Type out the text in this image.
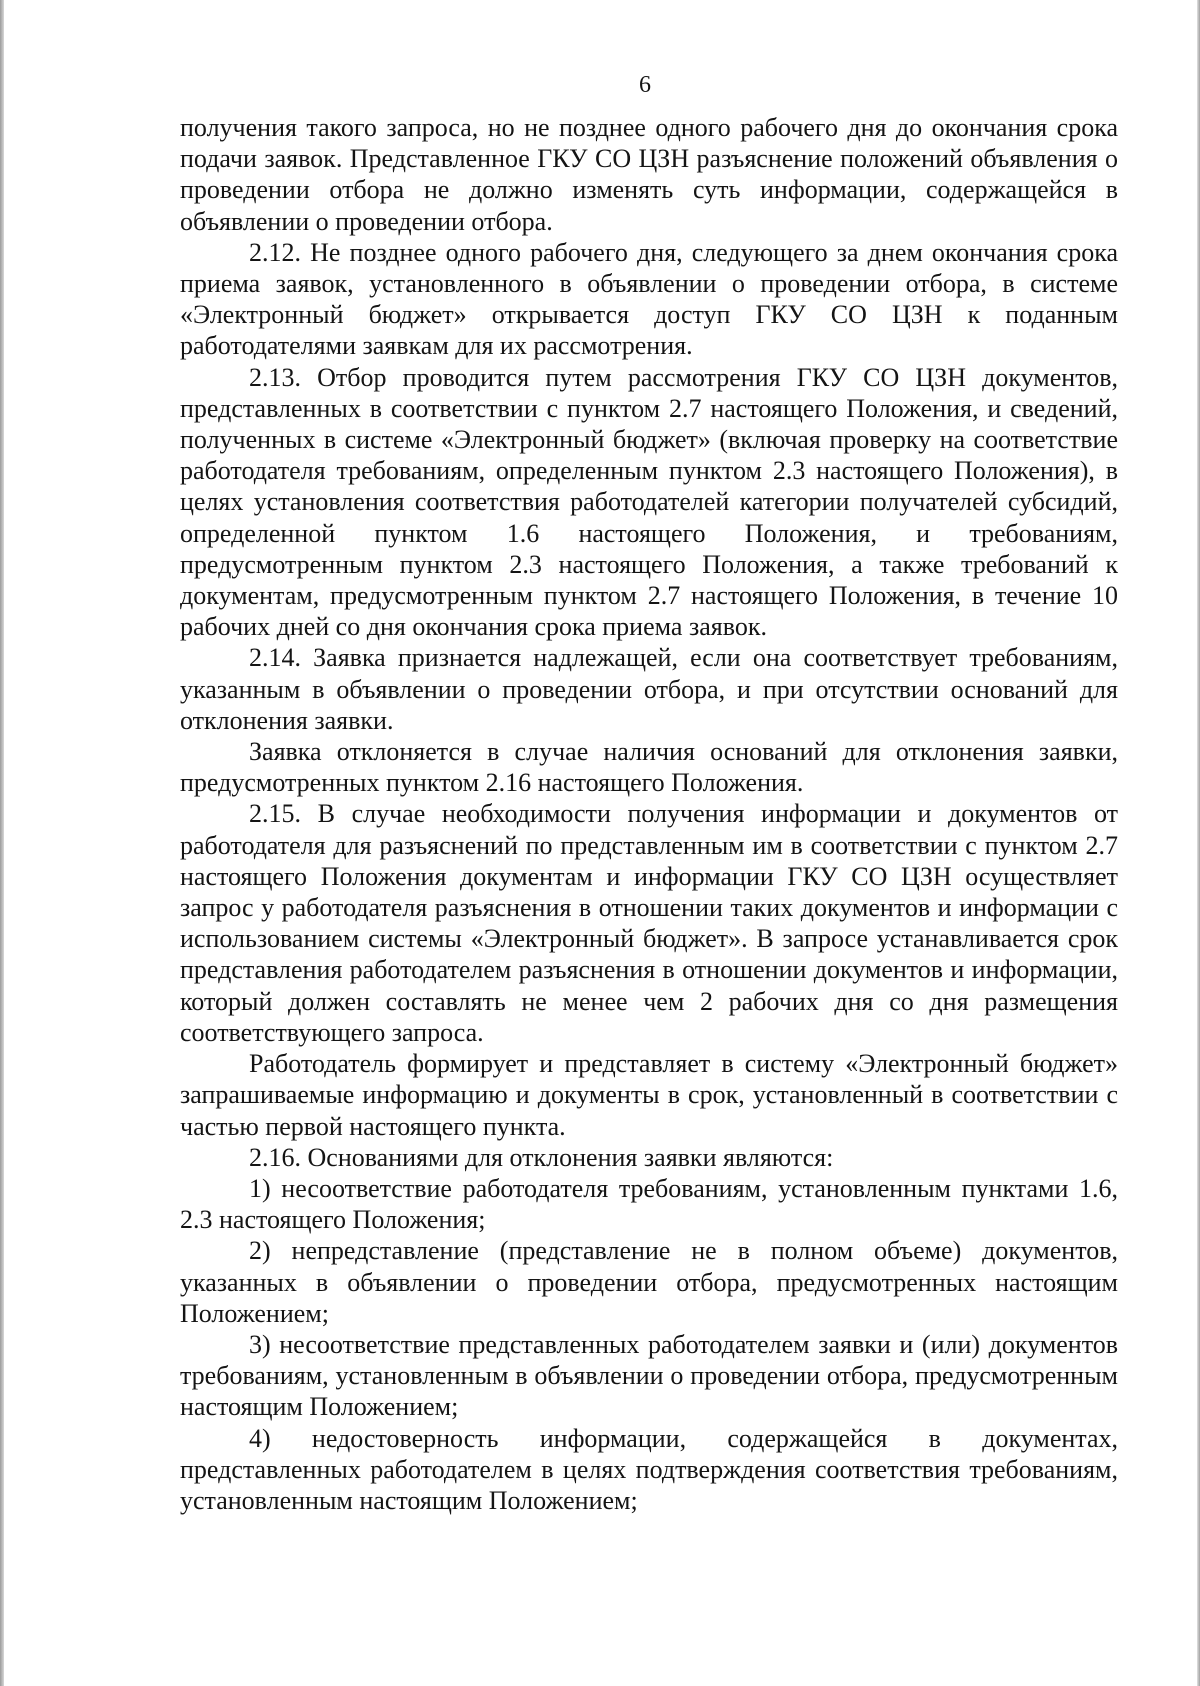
6

получения такого запроса, но не позднее одного рабочего дня до окончания срока подачи заявок. Представленное ГКУ СО ЦЗН разъяснение положений объявления о проведении отбора не должно изменять суть информации, содержащейся в объявлении о проведении отбора.

2.12. Не позднее одного рабочего дня, следующего за днем окончания срока приема заявок, установленного в объявлении о проведении отбора, в системе «Электронный бюджет» открывается доступ ГКУ СО ЦЗН к поданным работодателями заявкам для их рассмотрения.

2.13. Отбор проводится путем рассмотрения ГКУ СО ЦЗН документов, представленных в соответствии с пунктом 2.7 настоящего Положения, и сведений, полученных в системе «Электронный бюджет» (включая проверку на соответствие работодателя требованиям, определенным пунктом 2.3 настоящего Положения), в целях установления соответствия работодателей категории получателей субсидий, определенной пунктом 1.6 настоящего Положения, и требованиям, предусмотренным пунктом 2.3 настоящего Положения, а также требований к документам, предусмотренным пунктом 2.7 настоящего Положения, в течение 10 рабочих дней со дня окончания срока приема заявок.

2.14. Заявка признается надлежащей, если она соответствует требованиям, указанным в объявлении о проведении отбора, и при отсутствии оснований для отклонения заявки.

Заявка отклоняется в случае наличия оснований для отклонения заявки, предусмотренных пунктом 2.16 настоящего Положения.

2.15. В случае необходимости получения информации и документов от работодателя для разъяснений по представленным им в соответствии с пунктом 2.7 настоящего Положения документам и информации ГКУ СО ЦЗН осуществляет запрос у работодателя разъяснения в отношении таких документов и информации с использованием системы «Электронный бюджет». В запросе устанавливается срок представления работодателем разъяснения в отношении документов и информации, который должен составлять не менее чем 2 рабочих дня со дня размещения соответствующего запроса.

Работодатель формирует и представляет в систему «Электронный бюджет» запрашиваемые информацию и документы в срок, установленный в соответствии с частью первой настоящего пункта.

2.16. Основаниями для отклонения заявки являются:

1) несоответствие работодателя требованиям, установленным пунктами 1.6, 2.3 настоящего Положения;

2) непредставление (представление не в полном объеме) документов, указанных в объявлении о проведении отбора, предусмотренных настоящим Положением;

3) несоответствие представленных работодателем заявки и (или) документов требованиям, установленным в объявлении о проведении отбора, предусмотренным настоящим Положением;

4) недостоверность информации, содержащейся в документах, представленных работодателем в целях подтверждения соответствия требованиям, установленным настоящим Положением;
